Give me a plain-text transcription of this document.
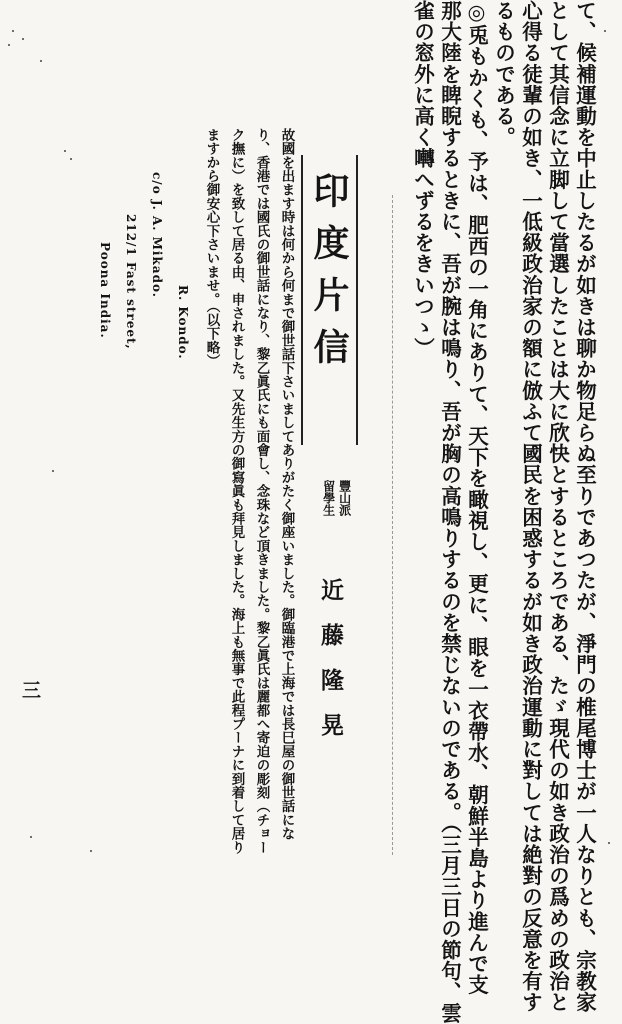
て、候補運動を中止したるが如きは聊か物足らぬ至りであつたが、淨門の椎尾博士が一人なりとも、宗教家
として其信念に立脚して當選したことは大に欣快とするところである、たゞ現代の如き政治の爲めの政治と
心得る徒輩の如き、一低級政治家の額に倣ふて國民を困惑するが如き政治運動に對しては絶對の反意を有す
るものである。
◎兎もかくも、予は、肥西の一角にありて、天下を瞰視し、更に、眼を一衣帶水、朝鮮半島より進んで支
那大陸を睥睨するときに、吾が腕は鳴り、吾が胸の高鳴りするのを禁じないのである。（三月三日の節句、雲
雀の窓外に高く囀へずるをきいつゝ）
印度片信
豐山派
留學生
近藤隆晃
故國を出ます時は何から何まで御世話下さいましてありがたく御座いました。御臨港で上海では長巳屋の御世話にな
り、香港では國氏の御世話になり、黎乙眞氏にも面會し、念珠など頂きました。黎乙眞氏は麗都へ寄迫の彫刻（チョー
ク撫に）を致して居る由、申されました。又先生方の御寫眞も拜見しました。海上も無事で此程プーナに到着して居り
ますから御安心下さいませ。（以下略）
R. Kondo.
c/o J. A. Mikado.
212/1 Fast street,
Poona India.
三
